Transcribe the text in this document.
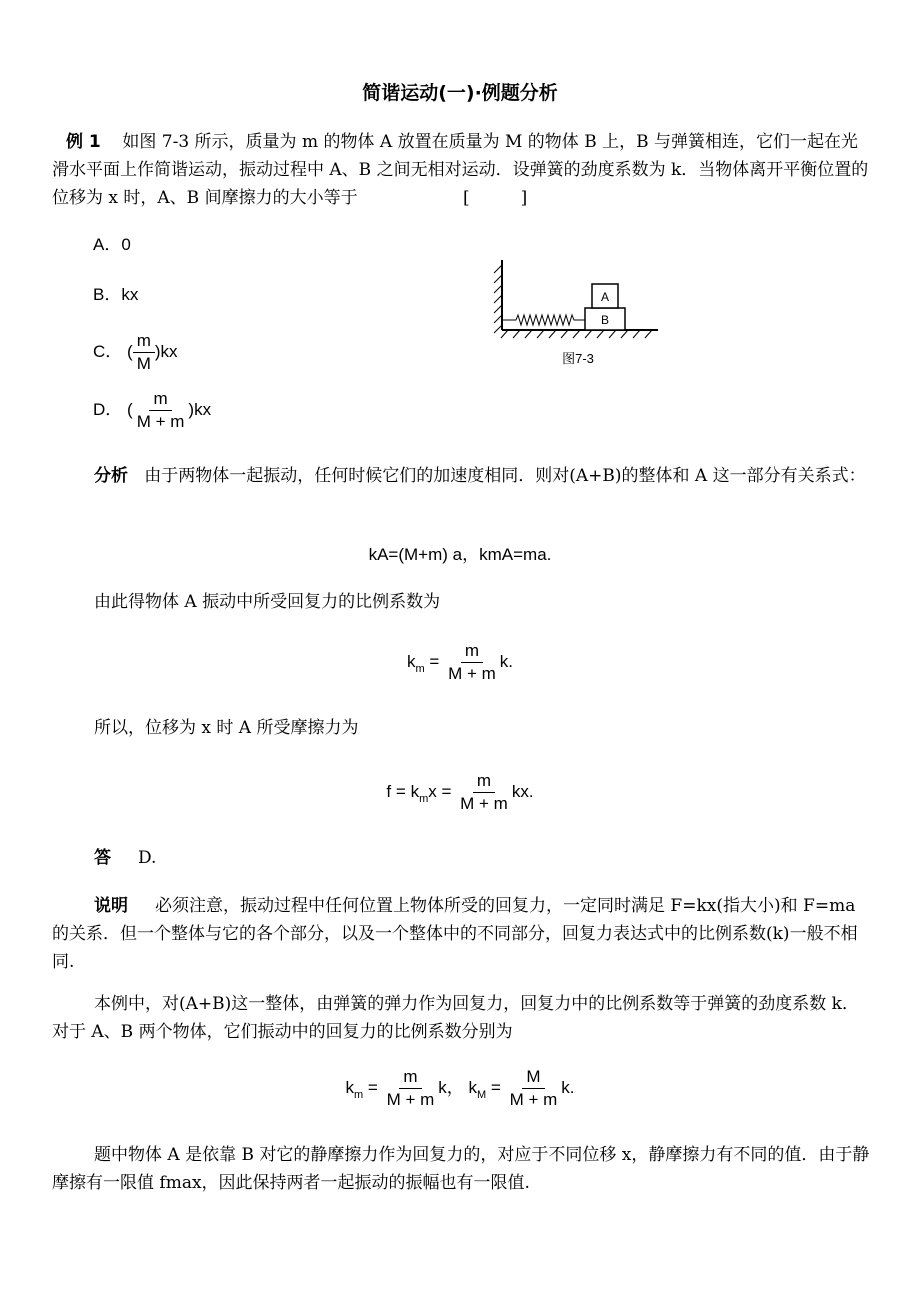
简谐运动(一)·例题分析
例 1 如图 7-3 所示，质量为 m 的物体 A 放置在质量为 M 的物体 B 上，B 与弹簧相连，它们一起在光滑水平面上作简谐运动，振动过程中 A、B 之间无相对运动．设弹簧的劲度系数为 k．当物体离开平衡位置的位移为 x 时，A、B 间摩擦力的大小等于	[　　　]
A．0
B．kx
C． ( $\frac{m}{M} )kx$
D． ( $\frac{m}{M + m} )kx$
A
B
图7-3
分析 由于两物体一起振动，任何时候它们的加速度相同．则对(A+B)的整体和 A 这一部分有关系式：
kA=(M+m) a，kmA=ma.
由此得物体 A 振动中所受回复力的比例系数为
$k_m = \frac{m}{M + m} k$.
所以，位移为 x 时 A 所受摩擦力为
$f = k_mx = \frac{m}{M + m}$ kx.
答 D.
说明 必须注意，振动过程中任何位置上物体所受的回复力，一定同时满足 F=kx(指大小)和 F=ma 的关系．但一个整体与它的各个部分，以及一个整体中的不同部分，回复力表达式中的比例系数(k)一般不相同.
本例中，对(A+B)这一整体，由弹簧的弹力作为回复力，回复力中的比例系数等于弹簧的劲度系数 k．对于 A、B 两个物体，它们振动中的回复力的比例系数分别为
$k_m = \frac{m}{M + m}$ k， $k_M = \frac{M}{M + m} k$.
题中物体 A 是依靠 B 对它的静摩擦力作为回复力的，对应于不同位移 x，静摩擦力有不同的值．由于静摩擦有一限值 fmax，因此保持两者一起振动的振幅也有一限值.
